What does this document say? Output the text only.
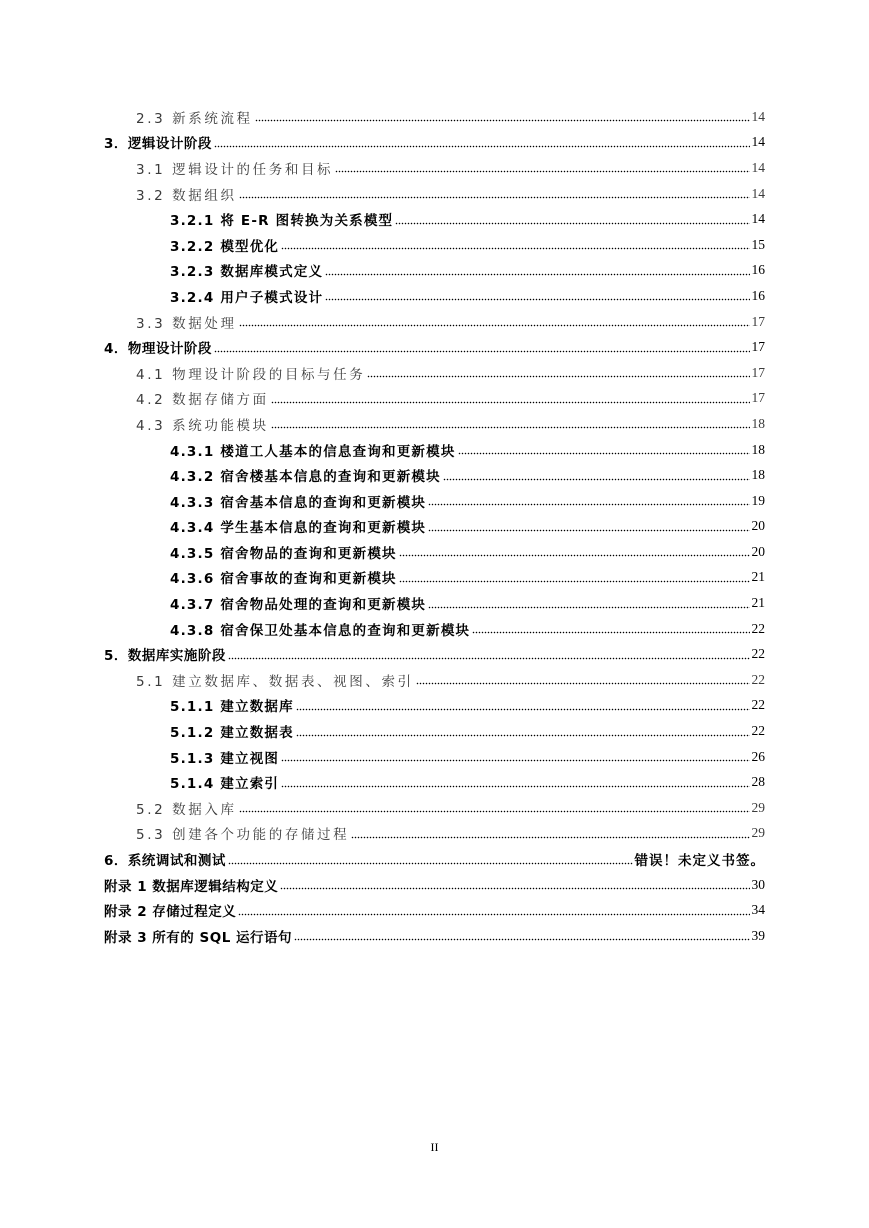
2.3 新系统流程	14
3．逻辑设计阶段	14
3.1 逻辑设计的任务和目标	14
3.2 数据组织	14
3.2.1 将 E-R 图转换为关系模型	14
3.2.2 模型优化	15
3.2.3 数据库模式定义	16
3.2.4 用户子模式设计	16
3.3 数据处理	17
4．物理设计阶段	17
4.1 物理设计阶段的目标与任务	17
4.2 数据存储方面	17
4.3 系统功能模块	18
4.3.1 楼道工人基本的信息查询和更新模块	18
4.3.2 宿舍楼基本信息的查询和更新模块	18
4.3.3 宿舍基本信息的查询和更新模块	19
4.3.4 学生基本信息的查询和更新模块	20
4.3.5 宿舍物品的查询和更新模块	20
4.3.6 宿舍事故的查询和更新模块	21
4.3.7 宿舍物品处理的查询和更新模块	21
4.3.8 宿舍保卫处基本信息的查询和更新模块	22
5．数据库实施阶段	22
5.1 建立数据库、数据表、视图、索引	22
5.1.1 建立数据库	22
5.1.2 建立数据表	22
5.1.3 建立视图	26
5.1.4 建立索引	28
5.2 数据入库	29
5.3 创建各个功能的存储过程	29
6．系统调试和测试	错误！未定义书签。
附录 1 数据库逻辑结构定义	30
附录 2 存储过程定义	34
附录 3 所有的 SQL 运行语句	39
II
